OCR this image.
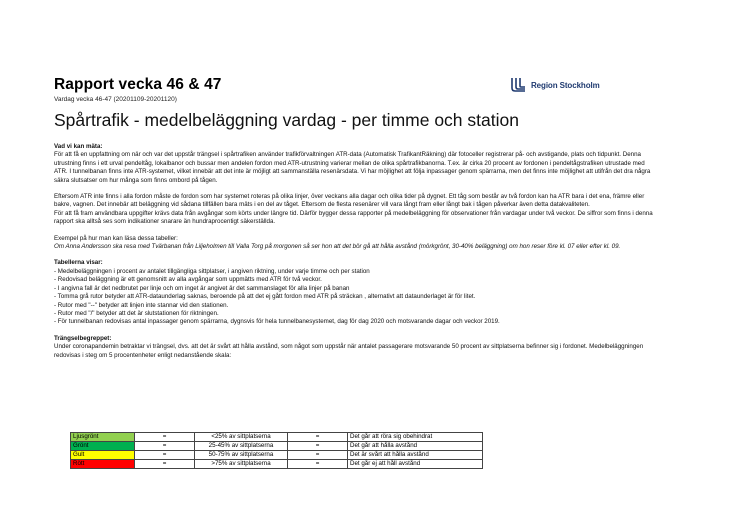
Rapport vecka 46 & 47
Vardag vecka 46-47 (20201109-20201120)
Region Stockholm
Spårtrafik - medelbeläggning vardag - per timme och station

Vad vi kan mäta:

För att få en uppfattning om när och var det uppstår trängsel i spårtrafiken använder trafikförvaltningen ATR-data (Automatisk TrafikantRäkning) där fotoceller registrerar på- och avstigande, plats och tidpunkt. Denna utrustning finns i ett urval pendeltåg, lokalbanor och bussar men andelen fordon med ATR-utrustning varierar mellan de olika spårtrafikbanorna. T.ex. är cirka 20 procent av fordonen i pendeltågstrafiken utrustade med ATR. I tunnelbanan finns inte ATR-systemet, vilket innebär att det inte är möjligt att sammanställa resenärsdata. Vi har möjlighet att följa inpassager genom spärrarna, men det finns inte möjlighet att utifrån det dra några säkra slutsatser om hur många som finns ombord på tågen.

Eftersom ATR inte finns i alla fordon måste de fordon som har systemet roteras på olika linjer, över veckans alla dagar och olika tider på dygnet. Ett tåg som består av två fordon kan ha ATR bara i det ena, främre eller bakre, vagnen. Det innebär att beläggning vid sådana tillfällen bara mäts i en del av tåget. Eftersom de flesta resenärer vill vara långt fram eller långt bak i tågen påverkar även detta datakvaliteten.

För att få fram användbara uppgifter krävs data från avgångar som körts under längre tid. Därför bygger dessa rapporter på medelbeläggning för observationer från vardagar under två veckor. De siffror som finns i denna rapport ska alltså ses som indikationer snarare än hundraprocentigt säkerställda.

Exempel på hur man kan läsa dessa tabeller:

Om Anna Andersson ska resa med Tvärbanan från Liljeholmen till Valla Torg på morgonen så ser hon att det bör gå att hålla avstånd (mörkgrönt, 30-40% beläggning) om hon reser före kl. 07 eller efter kl. 09.

Tabellerna visar:

- Medelbeläggningen i procent av antalet tillgängliga sittplatser, i angiven riktning, under varje timme och per station

- Redovisad beläggning är ett genomsnitt av alla avgångar som uppmätts med ATR för två veckor.

- I angivna fall är det nedbrutet per linje och om inget är angivet är det sammanslaget för alla linjer på banan

- Tomma grå rutor betyder att ATR-dataunderlag saknas, beroende på att det ej gått fordon med ATR på sträckan , alternativt att dataunderlaget är för litet.

- Rutor med "--" betyder att linjen inte stannar vid den stationen.

- Rutor med "/" betyder att det är slutstationen för riktningen.

- För tunnelbanan redovisas antal inpassager genom spärrarna, dygnsvis för hela tunnelbanesystemet, dag för dag 2020 och motsvarande dagar och veckor 2019.

Trängselbegreppet:

Under coronapandemin betraktar vi trängsel, dvs. att det är svårt att hålla avstånd, som något som uppstår när antalet passagerare motsvarande 50 procent av sittplatserna befinner sig i fordonet. Medelbeläggningen redovisas i steg om 5 procentenheter enligt nedanstående skala:

Ljusgrönt	=	<25% av sittplatserna	=	Det går att röra sig obehindrat
Grönt	=	25-45% av sittplatserna	=	Det går att hålla avstånd
Gult	=	50-75% av sittplatserna	=	Det är svårt att hålla avstånd
Rött	=	>75% av sittplatserna	=	Det går ej att håll avstånd
